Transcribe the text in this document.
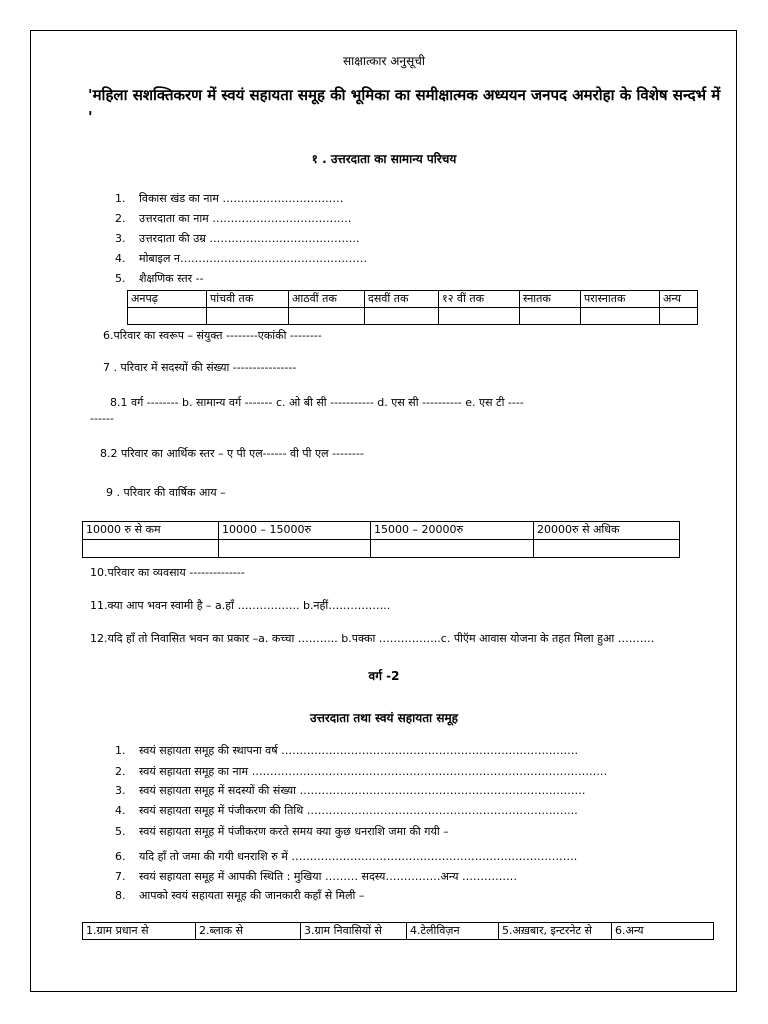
साक्षात्कार अनुसूची
'महिला सशक्तिकरण में स्वयं सहायता समूह की भूमिका का समीक्षात्मक अध्ययन जनपद अमरोहा के विशेष सन्दर्भ में '
१ . उत्तरदाता का सामान्य परिचय
1. विकास खंड का नाम ……………………………
2. उत्तरदाता का नाम ………………………………..
3. उत्तरदाता की उम्र …………………………………..
4. मोबाइल न……………………………………………
5. शैक्षणिक स्तर --
अनपढ़	पांचवी तक	आठवीं तक	दसवीं तक	१२ वीं तक	स्नातक	परास्नातक	अन्य

6.परिवार का स्वरूप – संयुक्त --------एकांकी --------
7 . परिवार में सदस्यों की संख्या ----------------
8.1 वर्ग -------- b. सामान्य वर्ग ------- c. ओ बी सी ----------- d. एस सी ---------- e. एस टी ----
------
8.2 परिवार का आर्थिक स्तर – ए पी एल------ वी पी एल --------
9 . परिवार की वार्षिक आय –
10000 रु से कम	10000 – 15000रु	15000 – 20000रु	20000रु से अधिक

10.परिवार का व्यवसाय --------------
11.क्या आप भवन स्वामी है – a.हाँ …………….. b.नहीं……………..
12.यदि हाँ तो निवासित भवन का प्रकार –a. कच्चा ……….. b.पक्का ……………..c. पीऍम आवास योजना के तहत मिला हुआ ……….
वर्ग -2
उत्तरदाता तथा स्वयं सहायता समूह
1. स्वयं सहायता समूह की स्थापना वर्ष ………………………………………………………………………
2. स्वयं सहायता समूह का नाम …………………………………………………………………………………….
3. स्वयं सहायता समूह में सदस्यों की संख्या ……………………………………………………………………
4. स्वयं सहायता समूह में पंजीकरण की तिथि ………………………………………………………………..
5. स्वयं सहायता समूह में पंजीकरण करते समय क्या कुछ धनराशि जमा की गयी –
6. यदि हाँ तो जमा की गयी धनराशि रु में ……………………………………………………………………
7. स्वयं सहायता समूह में आपकी स्थिति : मुखिया ……… सदस्य……………अन्य ……………
8. आपको स्वयं सहायता समूह की जानकारी कहाँ से मिली –
1.ग्राम प्रधान से	2.ब्लाक से	3.ग्राम निवासियों से	4.टेलीविज़न	5.अख़बार, इन्टरनेट से	6.अन्य
